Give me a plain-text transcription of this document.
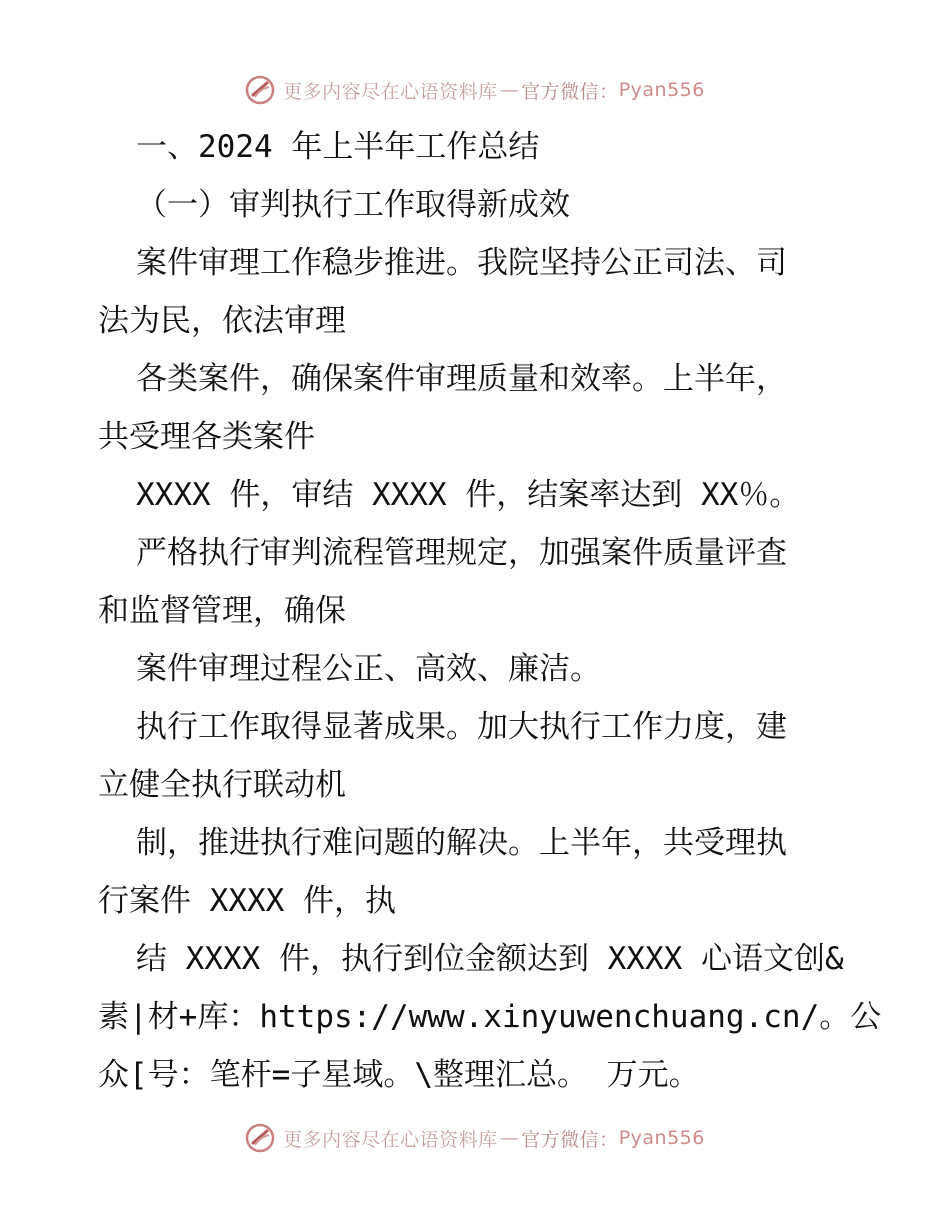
更多内容尽在心语资料库 — 官方微信： Pyan556
一、2024 年上半年工作总结
（一）审判执行工作取得新成效
案件审理工作稳步推进。我院坚持公正司法、司
法为民，依法审理
各类案件，确保案件审理质量和效率。上半年，
共受理各类案件
XXXX 件，审结 XXXX 件，结案率达到 XX％。
严格执行审判流程管理规定，加强案件质量评查
和监督管理，确保
案件审理过程公正、高效、廉洁。
执行工作取得显著成果。加大执行工作力度，建
立健全执行联动机
制，推进执行难问题的解决。上半年，共受理执
行案件 XXXX 件，执
结 XXXX 件，执行到位金额达到 XXXX 心语文创&
素|材+库：https://www.xinyuwenchuang.cn/。公
众[号：笔杆=子星域。\整理汇总。 万元。
更多内容尽在心语资料库 — 官方微信： Pyan556
